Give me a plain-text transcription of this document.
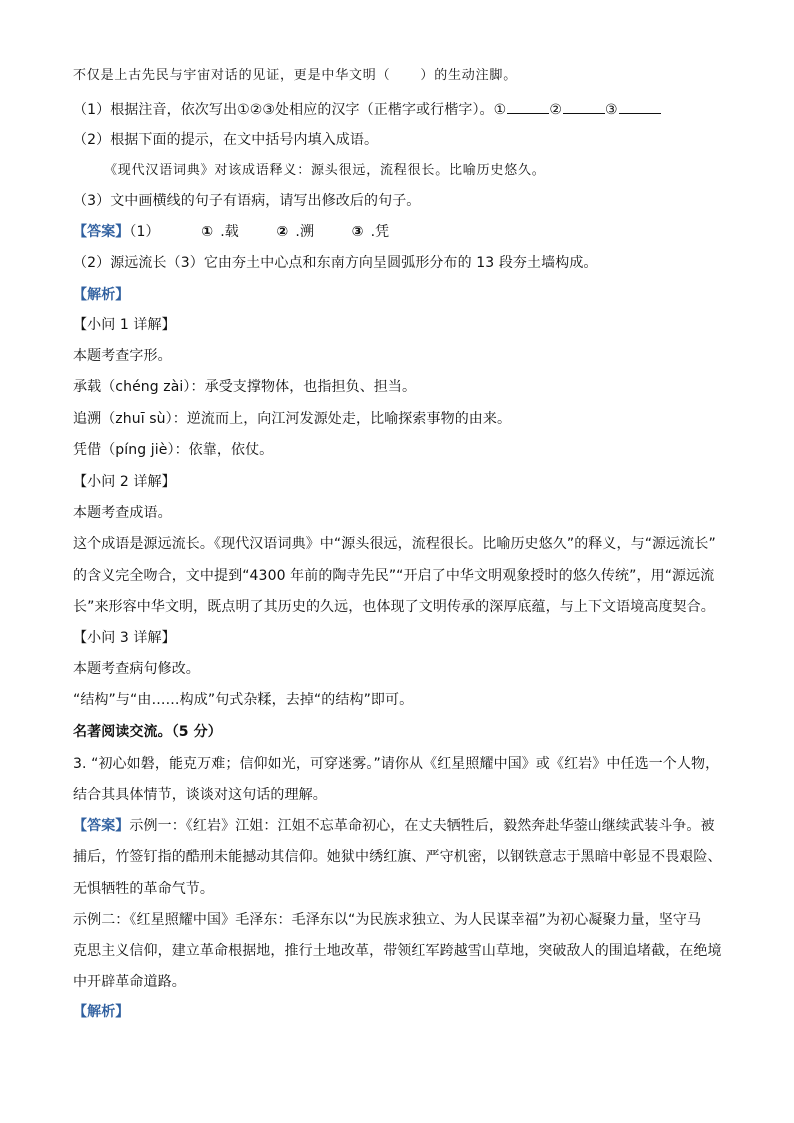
不仅是上古先民与宇宙对话的见证，更是中华文明（ ）的生动注脚。
（1）根据注音，依次写出①②③处相应的汉字（正楷字或行楷字）。①	②	③
（2）根据下面的提示，在文中括号内填入成语。
《现代汉语词典》对该成语释义：源头很远，流程很长。比喻历史悠久。
（3）文中画横线的句子有语病，请写出修改后的句子。
【答案】（1）	① .载	② .溯	③ .凭
（2）源远流长（3）它由夯土中心点和东南方向呈圆弧形分布的 13 段夯土墙构成。
【解析】
【小问 1 详解】
本题考查字形。
承载（chéng zài）：承受支撑物体，也指担负、担当。
追溯（zhuī sù）：逆流而上，向江河发源处走，比喻探索事物的由来。
凭借（píng jiè）：依靠，依仗。
【小问 2 详解】
本题考查成语。
这个成语是源远流长。《现代汉语词典》中“源头很远，流程很长。比喻历史悠久”的释义，与“源远流长”
的含义完全吻合，文中提到“4300 年前的陶寺先民”“开启了中华文明观象授时的悠久传统”，用“源远流
长”来形容中华文明，既点明了其历史的久远，也体现了文明传承的深厚底蕴，与上下文语境高度契合。
【小问 3 详解】
本题考查病句修改。
“结构”与“由……构成”句式杂糅，去掉“的结构”即可。
名著阅读交流。（5 分）
3. “初心如磐，能克万难；信仰如光，可穿迷雾。”请你从《红星照耀中国》或《红岩》中任选一个人物，
结合其具体情节，谈谈对这句话的理解。
【答案】示例一：《红岩》江姐：江姐不忘革命初心，在丈夫牺牲后，毅然奔赴华蓥山继续武装斗争。被
捕后，竹签钉指的酷刑未能撼动其信仰。她狱中绣红旗、严守机密，以钢铁意志于黑暗中彰显不畏艰险、
无惧牺牲的革命气节。
示例二：《红星照耀中国》毛泽东：毛泽东以“为民族求独立、为人民谋幸福”为初心凝聚力量，坚守马
克思主义信仰，建立革命根据地，推行土地改革，带领红军跨越雪山草地，突破敌人的围追堵截，在绝境
中开辟革命道路。
【解析】
